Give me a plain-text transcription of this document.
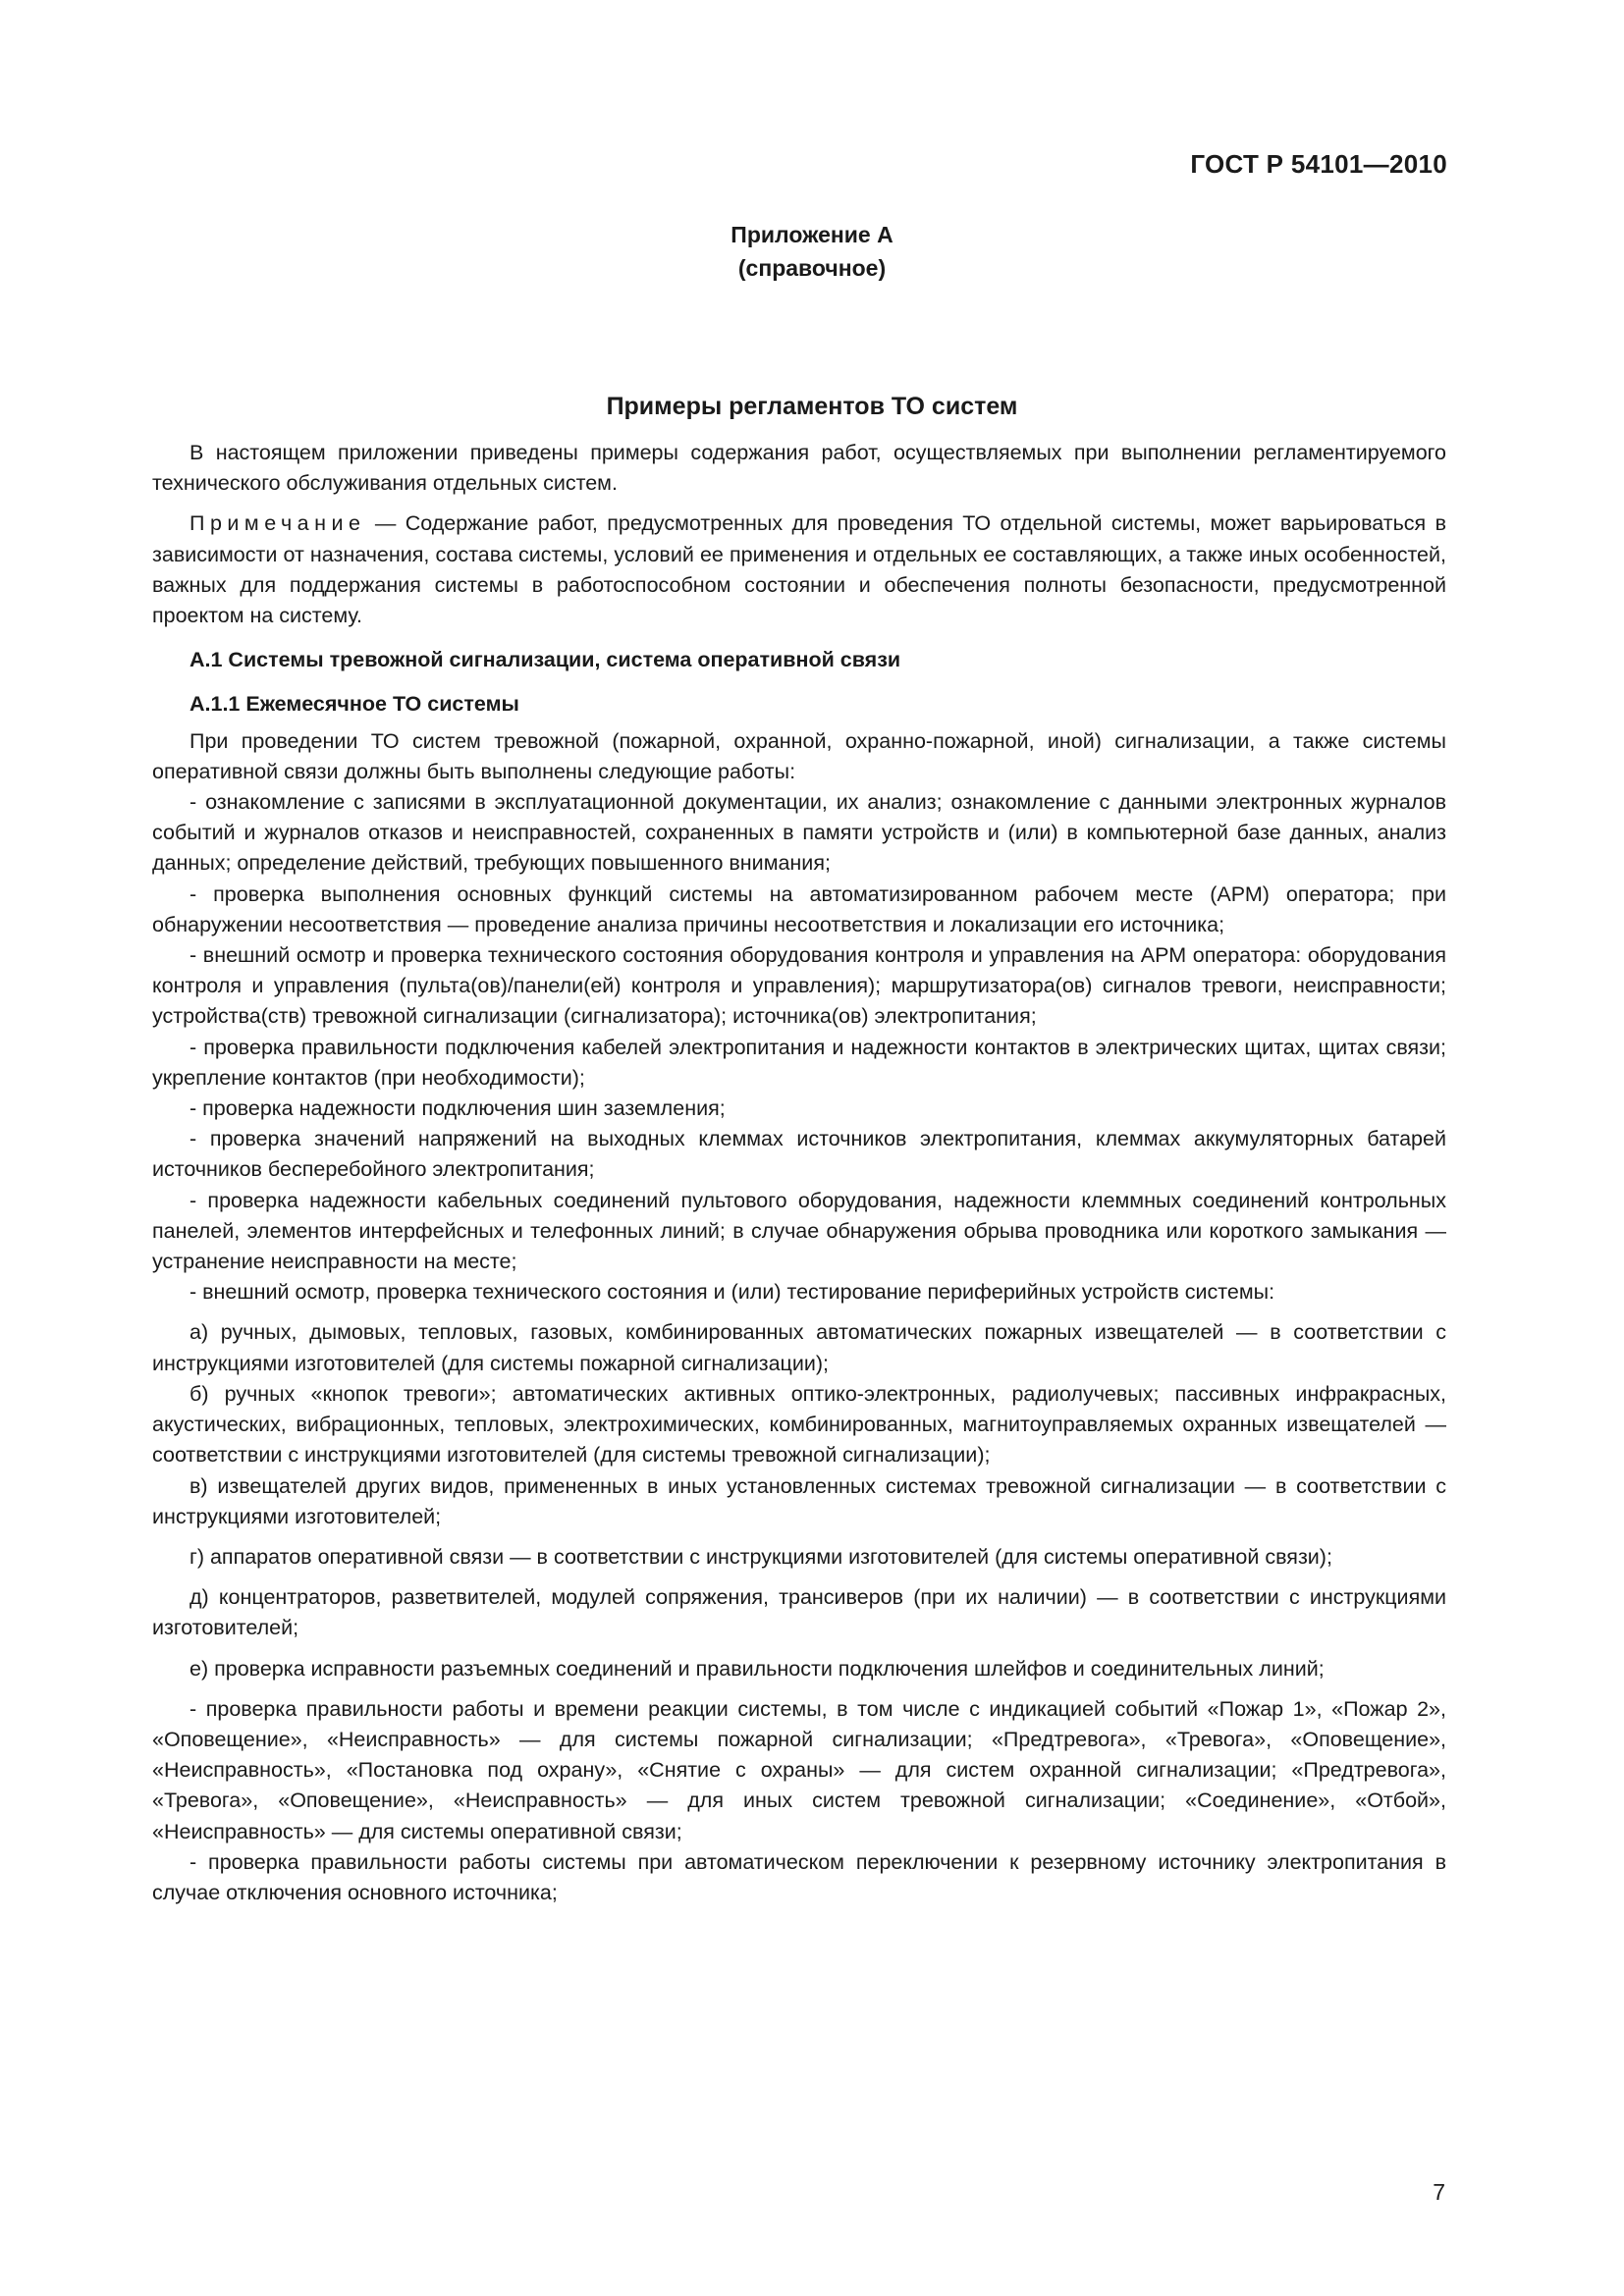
ГОСТ Р 54101—2010
Приложение А
(справочное)
Примеры регламентов ТО систем

В настоящем приложении приведены примеры содержания работ, осуществляемых при выполнении регламентируемого технического обслуживания отдельных систем.

Примечание — Содержание работ, предусмотренных для проведения ТО отдельной системы, может варьироваться в зависимости от назначения, состава системы, условий ее применения и отдельных ее составляющих, а также иных особенностей, важных для поддержания системы в работоспособном состоянии и обеспечения полноты безопасности, предусмотренной проектом на систему.

А.1 Системы тревожной сигнализации, система оперативной связи

А.1.1 Ежемесячное ТО системы

При проведении ТО систем тревожной (пожарной, охранной, охранно-пожарной, иной) сигнализации, а также системы оперативной связи должны быть выполнены следующие работы:

- ознакомление с записями в эксплуатационной документации, их анализ; ознакомление с данными электронных журналов событий и журналов отказов и неисправностей, сохраненных в памяти устройств и (или) в компьютерной базе данных, анализ данных; определение действий, требующих повышенного внимания;

- проверка выполнения основных функций системы на автоматизированном рабочем месте (АРМ) оператора; при обнаружении несоответствия — проведение анализа причины несоответствия и локализации его источника;

- внешний осмотр и проверка технического состояния оборудования контроля и управления на АРМ оператора: оборудования контроля и управления (пульта(ов)/панели(ей) контроля и управления); маршрутизатора(ов) сигналов тревоги, неисправности; устройства(ств) тревожной сигнализации (сигнализатора); источника(ов) электропитания;

- проверка правильности подключения кабелей электропитания и надежности контактов в электрических щитах, щитах связи; укрепление контактов (при необходимости);

- проверка надежности подключения шин заземления;

- проверка значений напряжений на выходных клеммах источников электропитания, клеммах аккумуляторных батарей источников бесперебойного электропитания;

- проверка надежности кабельных соединений пультового оборудования, надежности клеммных соединений контрольных панелей, элементов интерфейсных и телефонных линий; в случае обнаружения обрыва проводника или короткого замыкания — устранение неисправности на месте;

- внешний осмотр, проверка технического состояния и (или) тестирование периферийных устройств системы:

а) ручных, дымовых, тепловых, газовых, комбинированных автоматических пожарных извещателей — в соответствии с инструкциями изготовителей (для системы пожарной сигнализации);

б) ручных «кнопок тревоги»; автоматических активных оптико-электронных, радиолучевых; пассивных инфракрасных, акустических, вибрационных, тепловых, электрохимических, комбинированных, магнитоуправляемых охранных извещателей — соответствии с инструкциями изготовителей (для системы тревожной сигнализации);

в) извещателей других видов, примененных в иных установленных системах тревожной сигнализации — в соответствии с инструкциями изготовителей;

г) аппаратов оперативной связи — в соответствии с инструкциями изготовителей (для системы оперативной связи);

д) концентраторов, разветвителей, модулей сопряжения, трансиверов (при их наличии) — в соответствии с инструкциями изготовителей;

е) проверка исправности разъемных соединений и правильности подключения шлейфов и соединительных линий;

- проверка правильности работы и времени реакции системы, в том числе с индикацией событий «Пожар 1», «Пожар 2», «Оповещение», «Неисправность» — для системы пожарной сигнализации; «Предтревога», «Тревога», «Оповещение», «Неисправность», «Постановка под охрану», «Снятие с охраны» — для систем охранной сигнализации; «Предтревога», «Тревога», «Оповещение», «Неисправность» — для иных систем тревожной сигнализации; «Соединение», «Отбой», «Неисправность» — для системы оперативной связи;

- проверка правильности работы системы при автоматическом переключении к резервному источнику электропитания в случае отключения основного источника;

7
